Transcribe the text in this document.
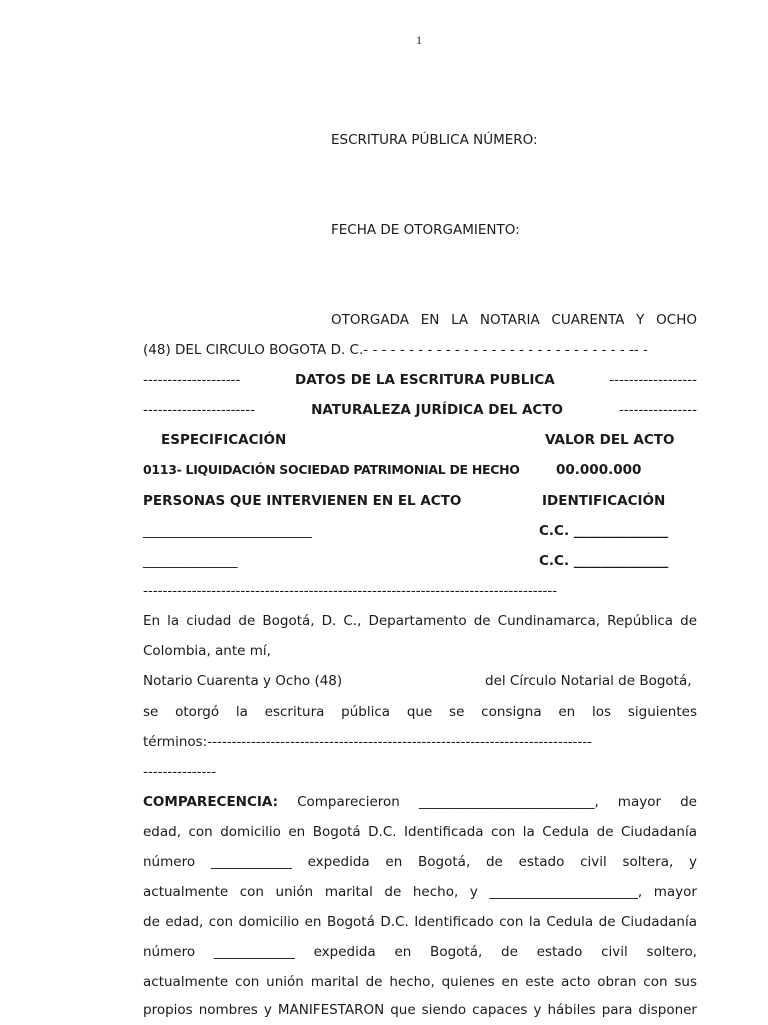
1
ESCRITURA PÚBLICA NÚMERO:
FECHA DE OTORGAMIENTO:
OTORGADA EN LA NOTARIA CUARENTA Y OCHO
(48) DEL CIRCULO BOGOTA D. C.- - - - - - - - - - - - - - - - - - - - - - - - - - - - - -- -
--------------------	DATOS DE LA ESCRITURA PUBLICA	------------------
-----------------------	NATURALEZA JURÍDICA DEL ACTO	----------------
ESPECIFICACIÓN	VALOR DEL ACTO
0113- LIQUIDACIÓN SOCIEDAD PATRIMONIAL DE HECHO	00.000.000
PERSONAS QUE INTERVIENEN EN EL ACTO	IDENTIFICACIÓN
_________________________	C.C. ______________
______________	C.C. ______________
-------------------------------------------------------------------------------------
En la ciudad de Bogotá, D. C., Departamento de Cundinamarca, República de
Colombia, ante mí,
Notario Cuarenta y Ocho (48)	del Círculo Notarial de Bogotá,
se otorgó la escritura pública que se consigna en los siguientes
términos:-------------------------------------------------------------------------------
---------------
COMPARECENCIA: Comparecieron __________________________, mayor de
edad, con domicilio en Bogotá D.C. Identificada con la Cedula de Ciudadanía
número ____________ expedida en Bogotá, de estado civil soltera, y
actualmente con unión marital de hecho, y ______________________, mayor
de edad, con domicilio en Bogotá D.C. Identificado con la Cedula de Ciudadanía
número ____________ expedida en Bogotá, de estado civil soltero,
actualmente con unión marital de hecho, quienes en este acto obran con sus
propios nombres y MANIFESTARON que siendo capaces y hábiles para disponer
